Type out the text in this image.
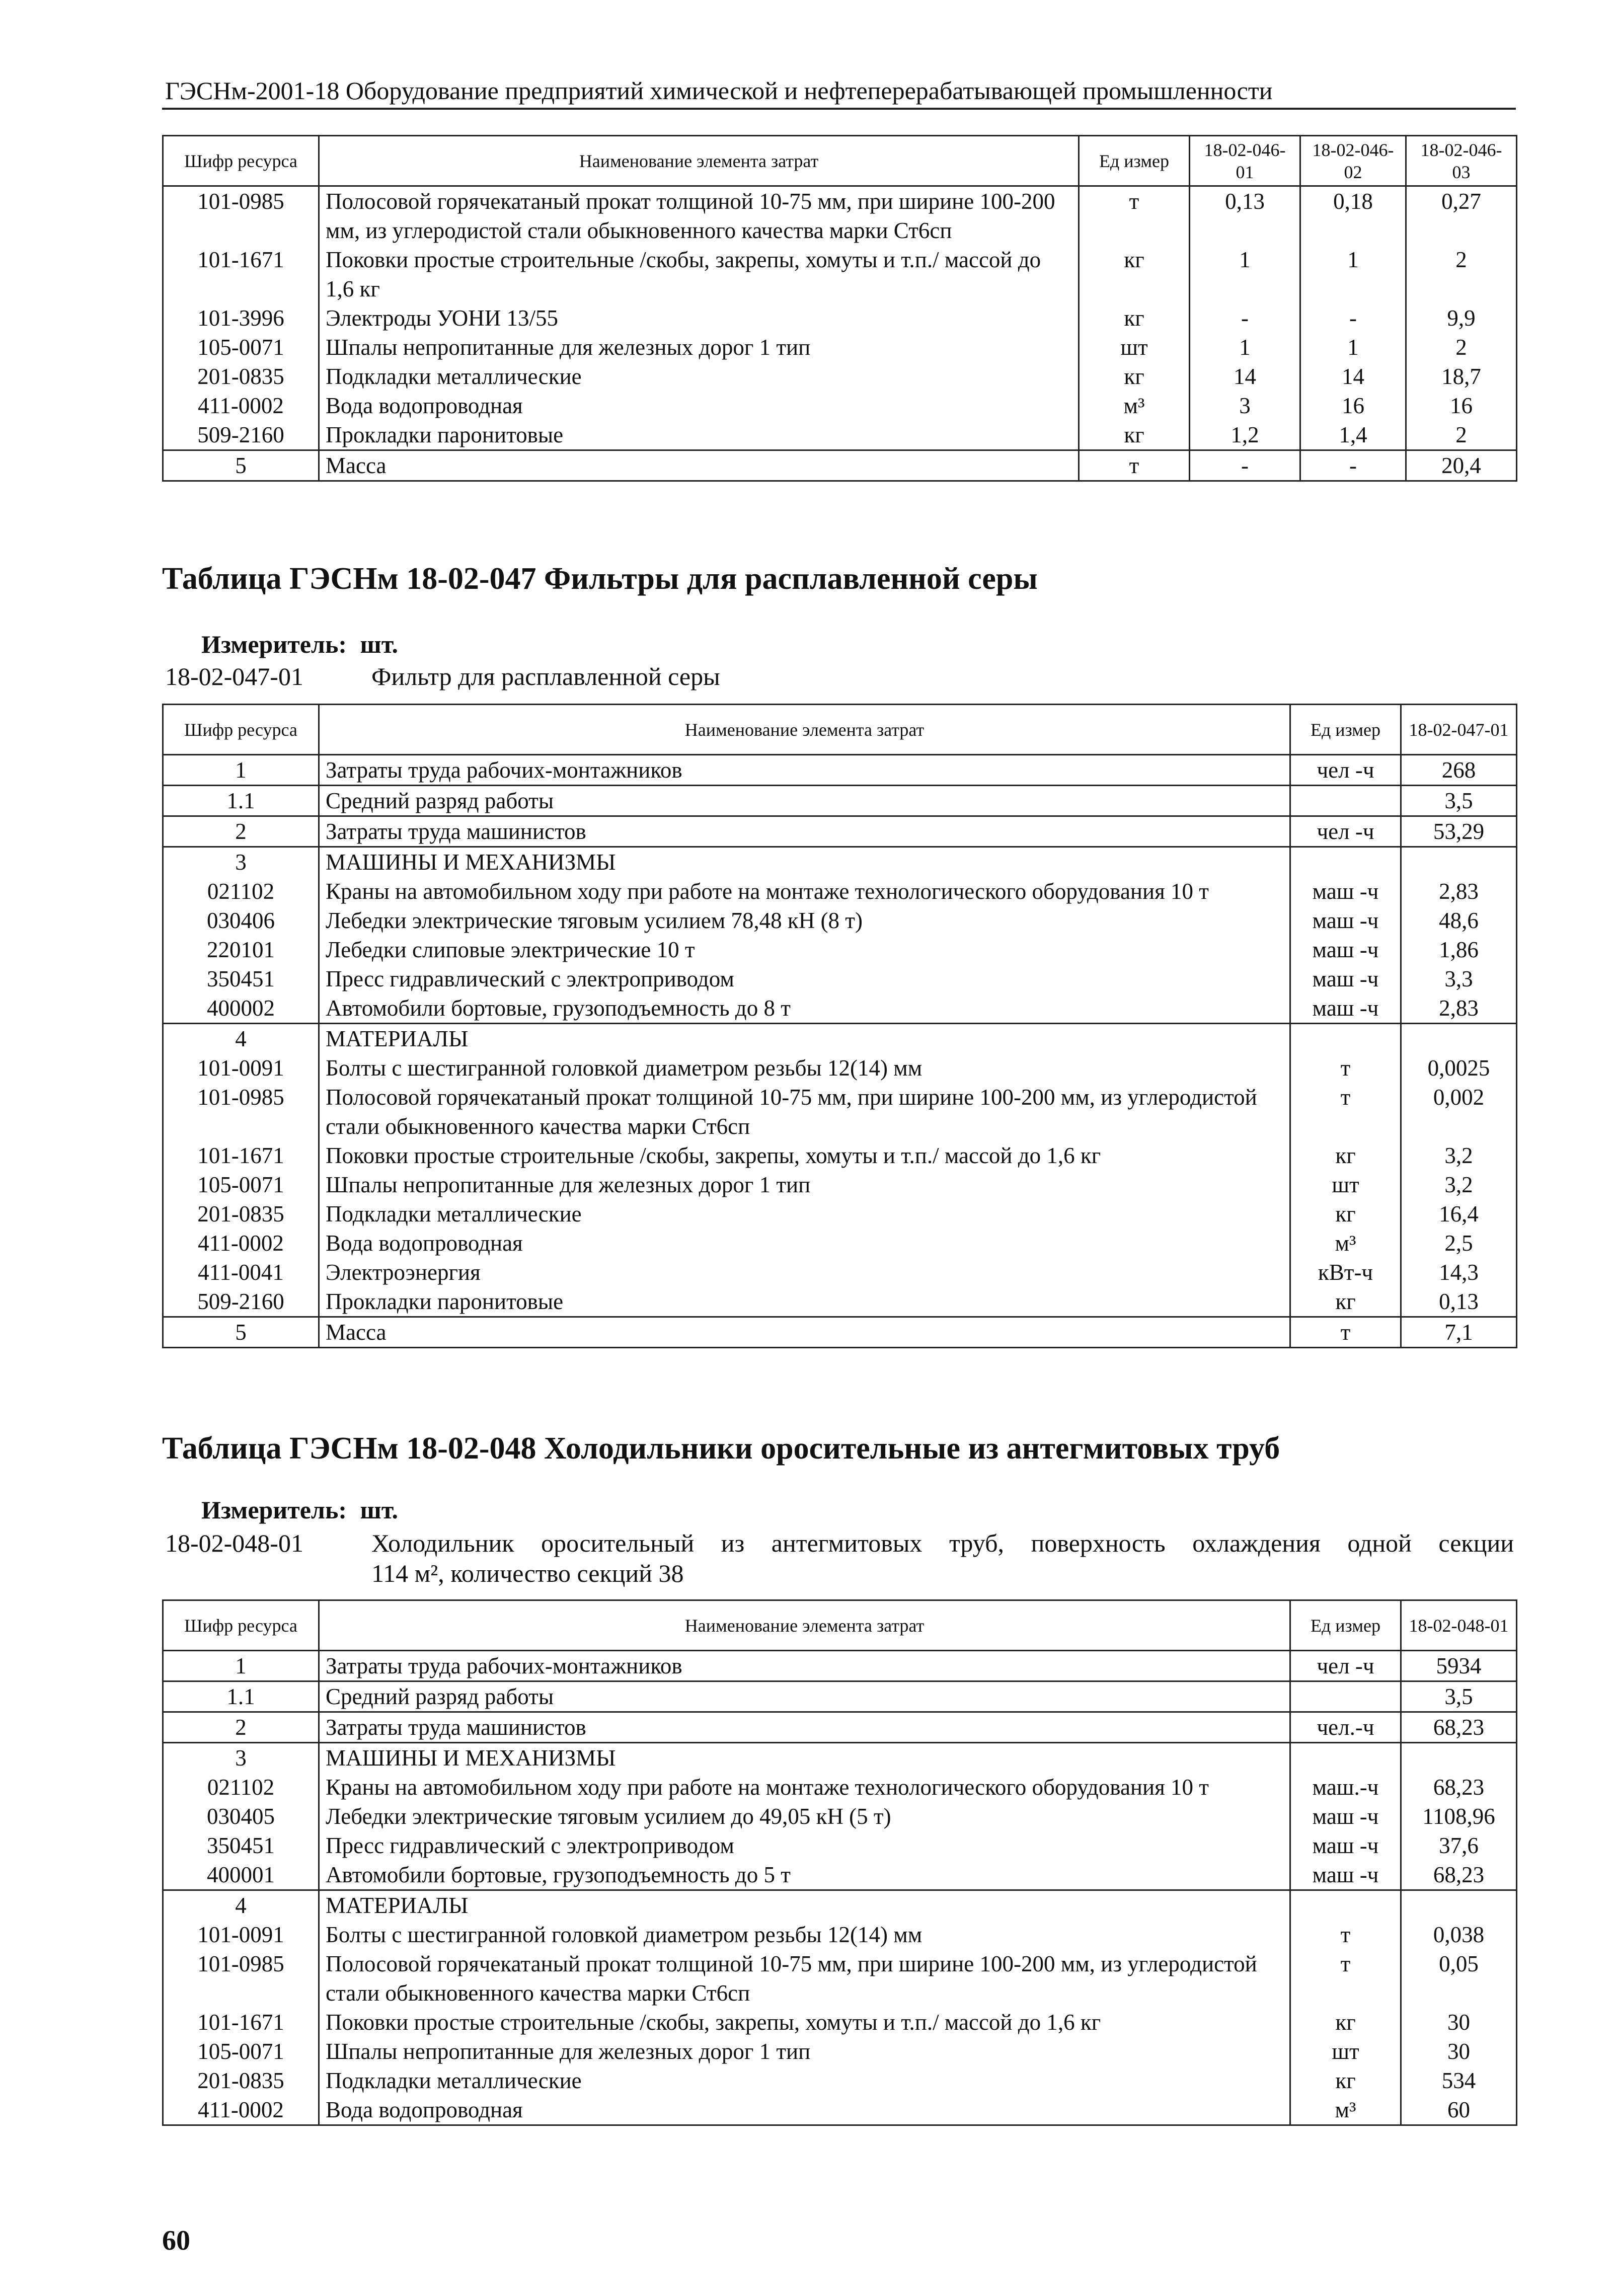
ГЭСНм-2001-18 Оборудование предприятий химической и нефтеперерабатывающей промышленности
Шифр ресурса	Наименование элемента затрат	Ед измер	18-02-046-01	18-02-046-02	18-02-046-03
101-0985	Полосовой горячекатаный прокат толщиной 10-75 мм, при ширине 100-200 мм, из углеродистой стали обыкновенного качества марки Ст6сп	т	0,13	0,18	0,27
101-1671	Поковки простые строительные /скобы, закрепы, хомуты и т.п./ массой до 1,6 кг	кг	1	1	2
101-3996	Электроды УОНИ 13/55	кг	-	-	9,9
105-0071	Шпалы непропитанные для железных дорог 1 тип	шт	1	1	2
201-0835	Подкладки металлические	кг	14	14	18,7
411-0002	Вода водопроводная	м³	3	16	16
509-2160	Прокладки паронитовые	кг	1,2	1,4	2
5	Масса	т	-	-	20,4
Таблица ГЭСНм 18-02-047 Фильтры для расплавленной серы
Измеритель: шт.
18-02-047-01	Фильтр для расплавленной серы
Шифр ресурса	Наименование элемента затрат	Ед измер	18-02-047-01
1	Затраты труда рабочих-монтажников	чел -ч	268
1.1	Средний разряд работы		3,5
2	Затраты труда машинистов	чел -ч	53,29
3	МАШИНЫ И МЕХАНИЗМЫ		
021102	Краны на автомобильном ходу при работе на монтаже технологического оборудования 10 т	маш -ч	2,83
030406	Лебедки электрические тяговым усилием 78,48 кН (8 т)	маш -ч	48,6
220101	Лебедки слиповые электрические 10 т	маш -ч	1,86
350451	Пресс гидравлический с электроприводом	маш -ч	3,3
400002	Автомобили бортовые, грузоподъемность до 8 т	маш -ч	2,83
4	МАТЕРИАЛЫ		
101-0091	Болты с шестигранной головкой диаметром резьбы 12(14) мм	т	0,0025
101-0985	Полосовой горячекатаный прокат толщиной 10-75 мм, при ширине 100-200 мм, из углеродистой стали обыкновенного качества марки Ст6сп	т	0,002
101-1671	Поковки простые строительные /скобы, закрепы, хомуты и т.п./ массой до 1,6 кг	кг	3,2
105-0071	Шпалы непропитанные для железных дорог 1 тип	шт	3,2
201-0835	Подкладки металлические	кг	16,4
411-0002	Вода водопроводная	м³	2,5
411-0041	Электроэнергия	кВт-ч	14,3
509-2160	Прокладки паронитовые	кг	0,13
5	Масса	т	7,1
Таблица ГЭСНм 18-02-048 Холодильники оросительные из антегмитовых труб
Измеритель: шт.
18-02-048-01	Холодильник оросительный из антегмитовых труб, поверхность охлаждения одной секции
114 м², количество секций 38
Шифр ресурса	Наименование элемента затрат	Ед измер	18-02-048-01
1	Затраты труда рабочих-монтажников	чел -ч	5934
1.1	Средний разряд работы		3,5
2	Затраты труда машинистов	чел.-ч	68,23
3	МАШИНЫ И МЕХАНИЗМЫ		
021102	Краны на автомобильном ходу при работе на монтаже технологического оборудования 10 т	маш.-ч	68,23
030405	Лебедки электрические тяговым усилием до 49,05 кН (5 т)	маш -ч	1108,96
350451	Пресс гидравлический с электроприводом	маш -ч	37,6
400001	Автомобили бортовые, грузоподъемность до 5 т	маш -ч	68,23
4	МАТЕРИАЛЫ		
101-0091	Болты с шестигранной головкой диаметром резьбы 12(14) мм	т	0,038
101-0985	Полосовой горячекатаный прокат толщиной 10-75 мм, при ширине 100-200 мм, из углеродистой стали обыкновенного качества марки Ст6сп	т	0,05
101-1671	Поковки простые строительные /скобы, закрепы, хомуты и т.п./ массой до 1,6 кг	кг	30
105-0071	Шпалы непропитанные для железных дорог 1 тип	шт	30
201-0835	Подкладки металлические	кг	534
411-0002	Вода водопроводная	м³	60
60
